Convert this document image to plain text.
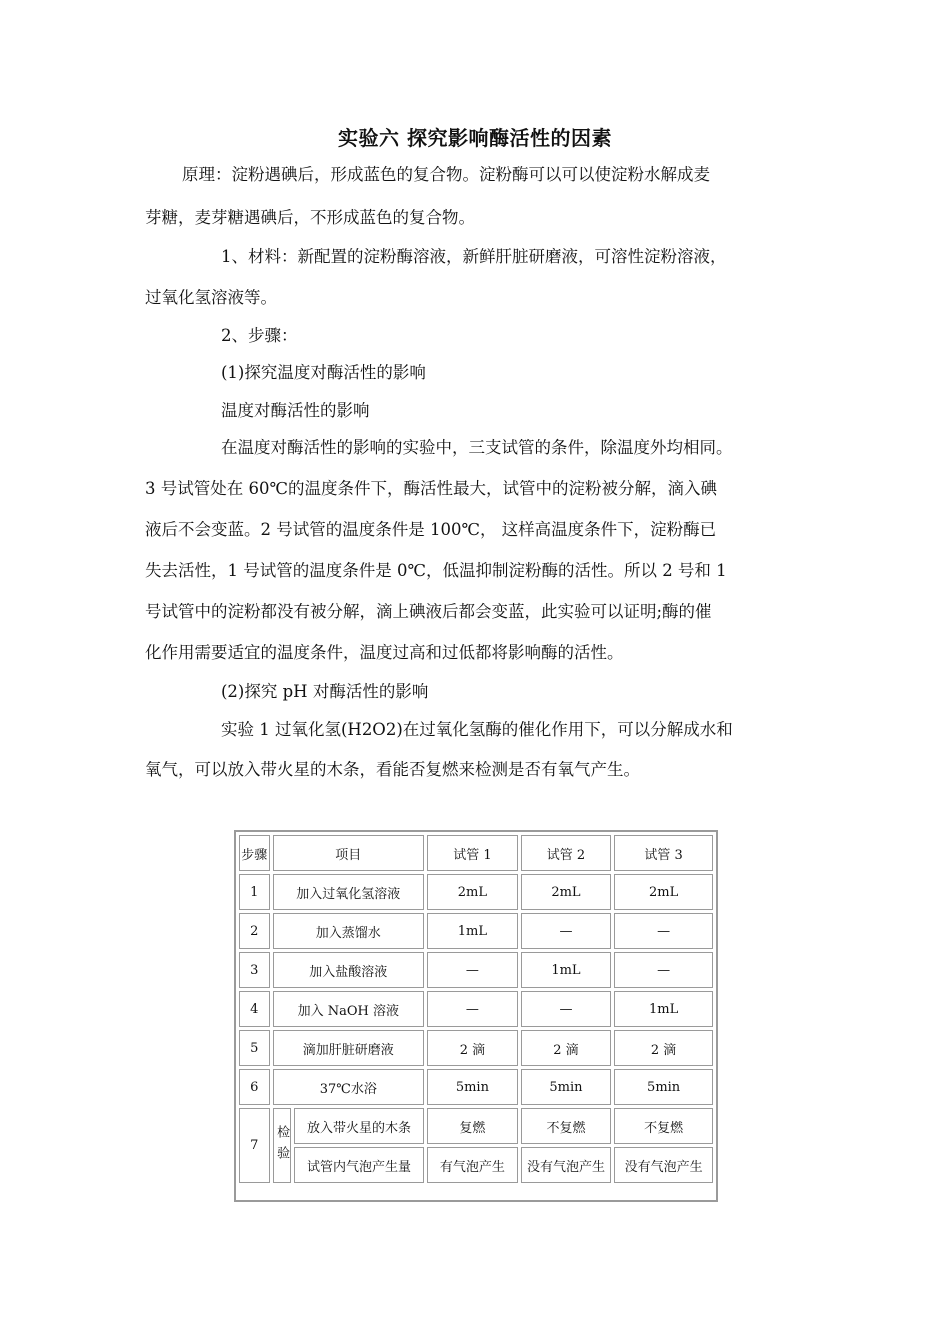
实验六 探究影响酶活性的因素
原理：淀粉遇碘后，形成蓝色的复合物。淀粉酶可以可以使淀粉水解成麦
芽糖，麦芽糖遇碘后，不形成蓝色的复合物。
1、材料：新配置的淀粉酶溶液，新鲜肝脏研磨液，可溶性淀粉溶液，
过氧化氢溶液等。
2、步骤：
(1)探究温度对酶活性的影响
温度对酶活性的影响
在温度对酶活性的影响的实验中，三支试管的条件，除温度外均相同。
3 号试管处在 60℃的温度条件下，酶活性最大，试管中的淀粉被分解，滴入碘
液后不会变蓝。2 号试管的温度条件是 100℃， 这样高温度条件下，淀粉酶已
失去活性，1 号试管的温度条件是 0℃，低温抑制淀粉酶的活性。所以 2 号和 1
号试管中的淀粉都没有被分解，滴上碘液后都会变蓝，此实验可以证明;酶的催
化作用需要适宜的温度条件，温度过高和过低都将影响酶的活性。
(2)探究 pH 对酶活性的影响
实验 1 过氧化氢(H2O2)在过氧化氢酶的催化作用下，可以分解成水和
氧气，可以放入带火星的木条，看能否复燃来检测是否有氧气产生。
步骤	项目		试管 1	试管 2	试管 3
1	加入过氧化氢溶液		2mL	2mL	2mL
2	加入蒸馏水		1mL	—	—
3	加入盐酸溶液		—	1mL	—
4	加入 NaOH 溶液		—	—	1mL
5	滴加肝脏研磨液		2 滴	2 滴	2 滴
6	37℃水浴		5min	5min	5min
7	检验	放入带火星的木条	复燃	不复燃	不复燃
		试管内气泡产生量	有气泡产生	没有气泡产生	没有气泡产生
